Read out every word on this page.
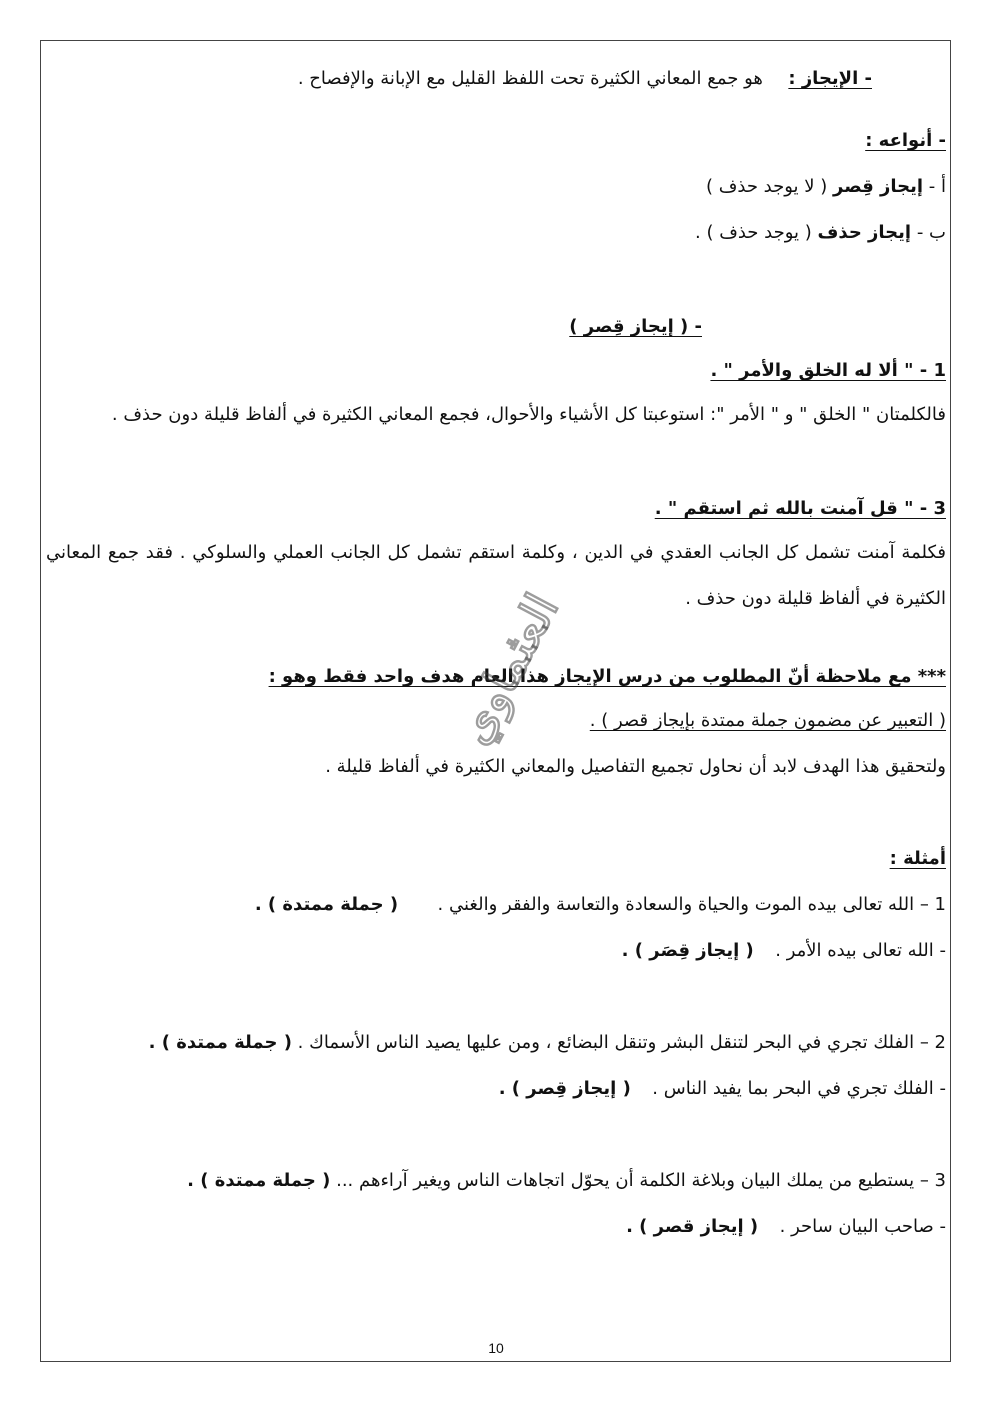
- الإيجاز :  هو جمع المعاني الكثيرة تحت اللفظ القليل مع الإبانة والإفصاح .
- أنواعه :
أ - إيجاز قِصر ( لا يوجد حذف )
ب - إيجاز حذف ( يوجد حذف ) .
- ( إيجاز قِصر )
1 - " ألا له الخلق والأمر " .
فالكلمتان " الخلق " و " الأمر ": استوعبتا كل الأشياء والأحوال، فجمع المعاني الكثيرة في ألفاظ قليلة دون حذف .
3 - " قل آمنت بالله ثم استقم " .
فكلمة آمنت تشمل كل الجانب العقدي في الدين ، وكلمة استقم تشمل كل الجانب العملي والسلوكي . فقد جمع المعاني الكثيرة في ألفاظ قليلة دون حذف .
*** مع ملاحظة أنّ المطلوب من درس الإيجاز هذا العام هدف واحد فقط وهو :
( التعبير عن مضمون جملة ممتدة بإيجاز قصر ) .
ولتحقيق هذا الهدف لابد أن نحاول تجميع التفاصيل والمعاني الكثيرة في ألفاظ قليلة .
أمثلة :
1 – الله تعالى بيده الموت والحياة والسعادة والتعاسة والفقر والغني .  ( جملة ممتدة ) .
- الله تعالى بيده الأمر .  ( إيجاز قِصَر ) .
2 – الفلك تجري في البحر لتنقل البشر وتنقل البضائع ، ومن عليها يصيد الناس الأسماك . ( جملة ممتدة ) .
- الفلك تجري في البحر بما يفيد الناس .  ( إيجاز قِصر ) .
3 – يستطيع من يملك البيان وبلاغة الكلمة أن يحوّل اتجاهات الناس ويغير آراءهم ... ( جملة ممتدة ) .
- صاحب البيان ساحر .  ( إيجاز قصر ) .
العثماوي
10
